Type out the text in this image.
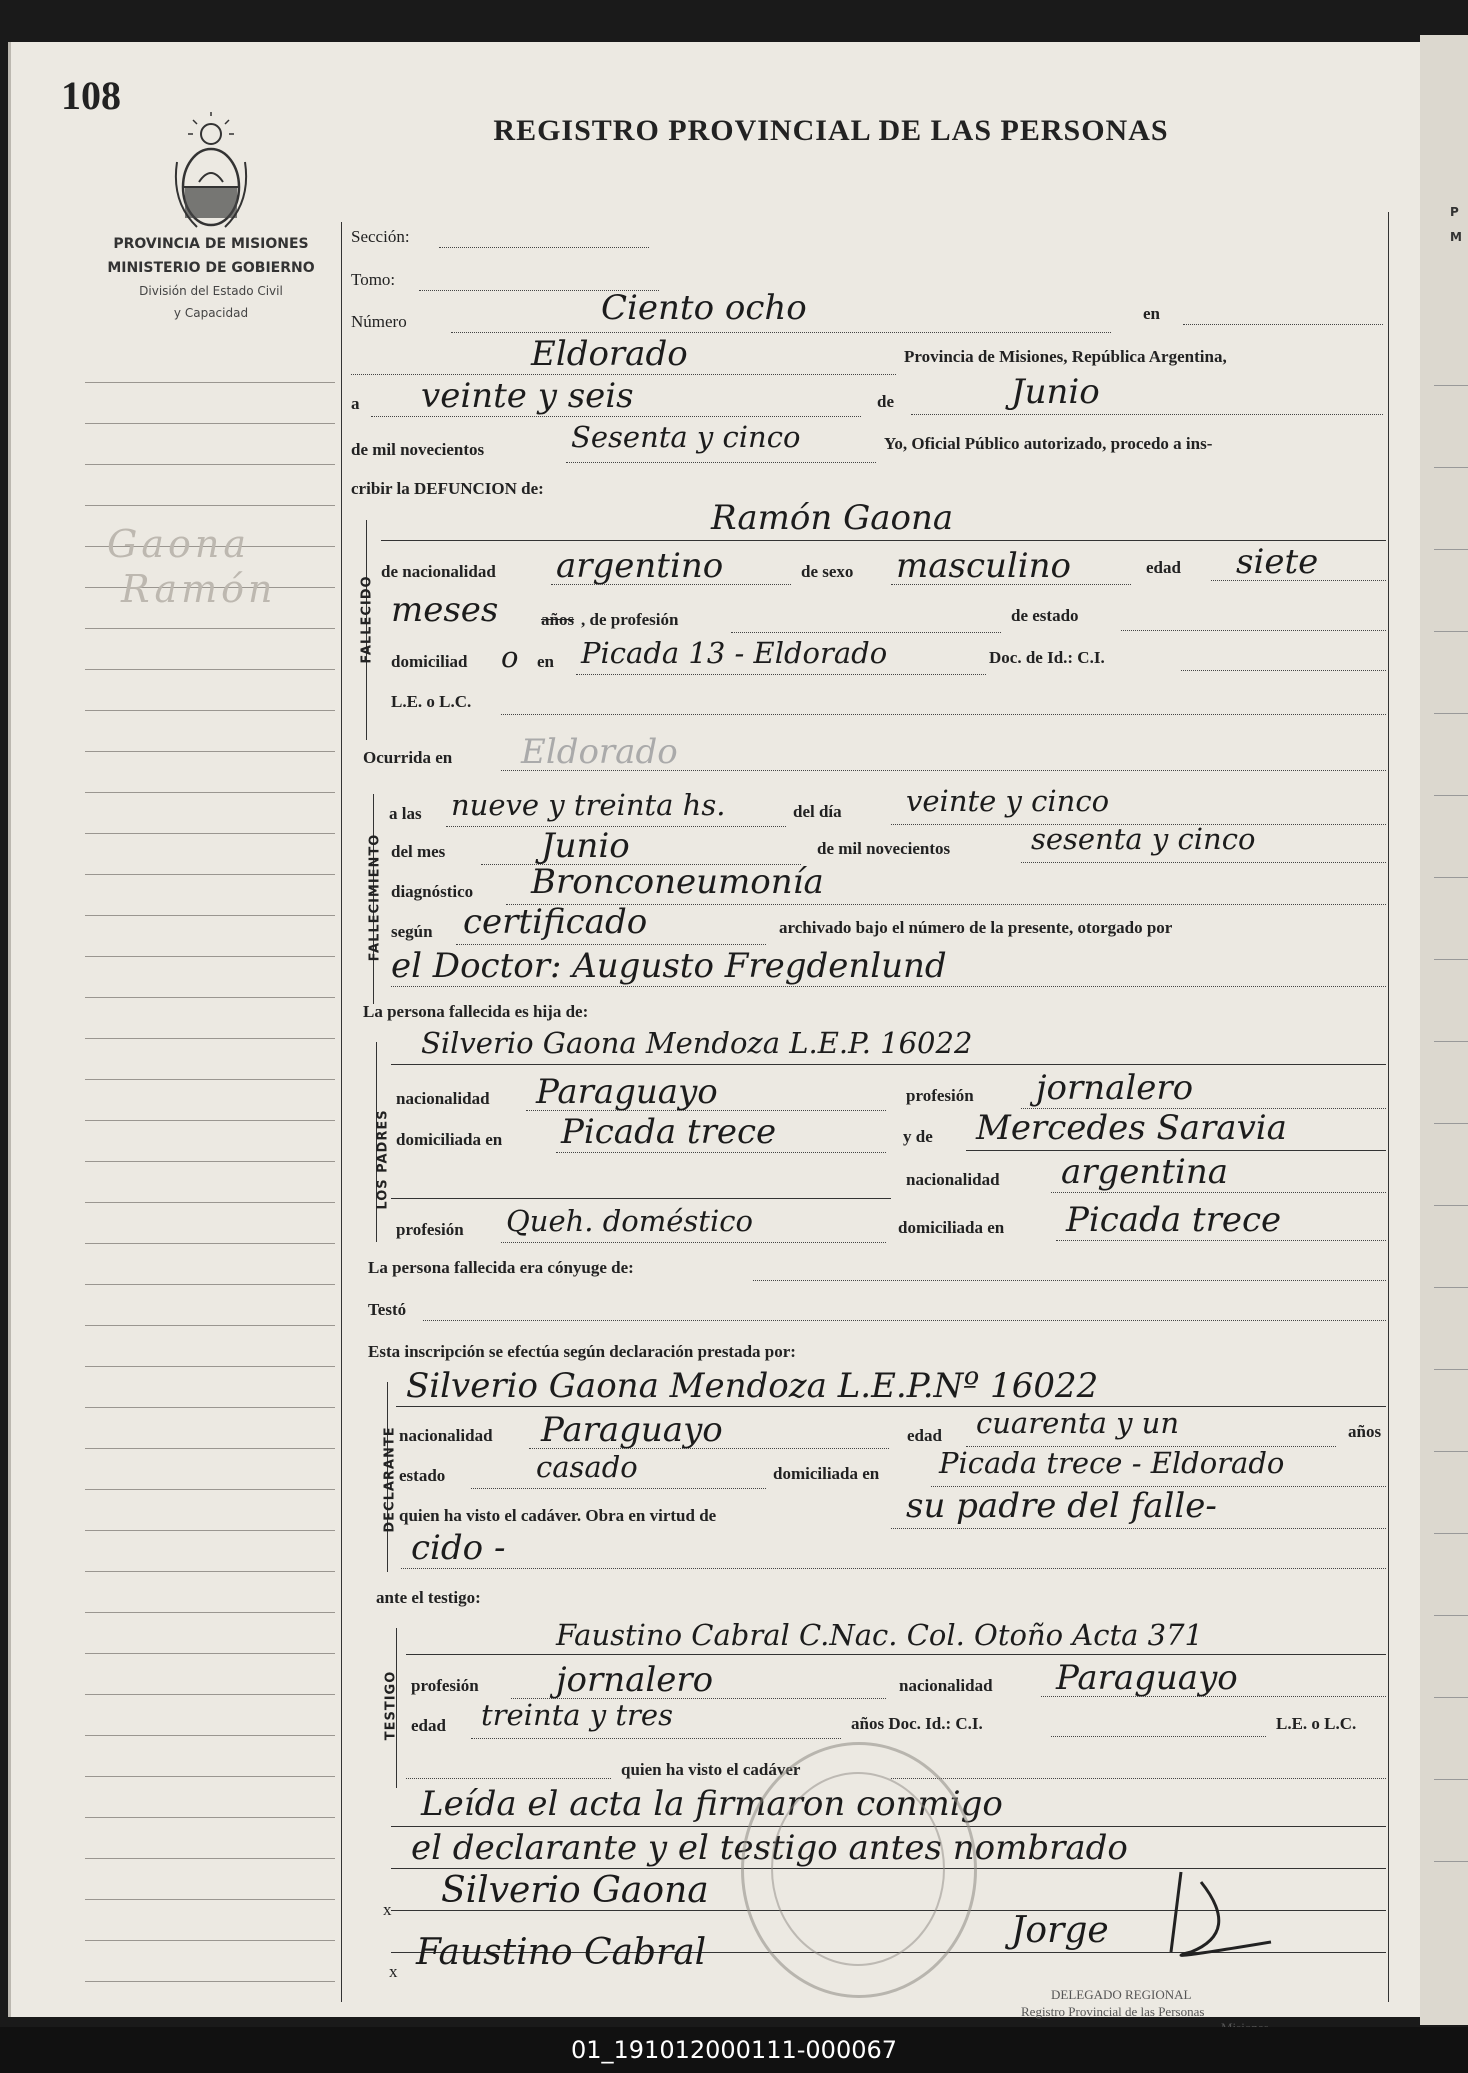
108
PROVINCIA DE MISIONES
MINISTERIO DE GOBIERNO
División del Estado Civil
y Capacidad
REGISTRO PROVINCIAL DE LAS PERSONAS
Gaona
Ramón
Sección:
Tomo:
Número	Ciento ocho	en
Eldorado	Provincia de Misiones, República Argentina,
a veinte y seis	de	Junio
de mil novecientos	Sesenta y cinco	Yo, Oficial Público autorizado, procedo a ins-
cribir la DEFUNCION de:
FALLECIDO
Ramón Gaona
de nacionalidad argentino	de sexo masculino	edad siete
meses	años , de profesión	de estado
domiciliad o en Picada 13 - Eldorado	Doc. de Id.: C.I.
L.E. o L.C.
Ocurrida en Eldorado
FALLECIMIENTO
a las nueve y treinta hs.	del día veinte y cinco
del mes	Junio	de mil novecientos	sesenta y cinco
diagnóstico Bronconeumonía
según certificado	archivado bajo el número de la presente, otorgado por
el Doctor: Augusto Fregdenlund
La persona fallecida es hija de:
LOS PADRES
Silverio Gaona Mendoza L.E.P. 16022
nacionalidad Paraguayo	profesión jornalero
domiciliada en Picada trece	y de Mercedes Saravia
nacionalidad argentina
profesión Queh. doméstico	domiciliada en Picada trece
La persona fallecida era cónyuge de:
Testó
Esta inscripción se efectúa según declaración prestada por:
DECLARANTE
Silverio Gaona Mendoza L.E.P.Nº 16022
nacionalidad Paraguayo	edad cuarenta y un	años
estado	casado	domiciliada en Picada trece - Eldorado
quien ha visto el cadáver. Obra en virtud de	su padre del falle-
cido -
ante el testigo:
TESTIGO
Faustino Cabral C.Nac. Col. Otoño Acta 371
profesión jornalero	nacionalidad Paraguayo
edad treinta y tres	años Doc. Id.: C.I.	L.E. o L.C.
quien ha visto el cadáver
Leída el acta la firmaron conmigo
el declarante y el testigo antes nombrado
x Silverio Gaona
x Faustino Cabral
Jorge
DELEGADO REGIONAL
Registro Provincial de las Personas
P
M
01_191012000111-000067
